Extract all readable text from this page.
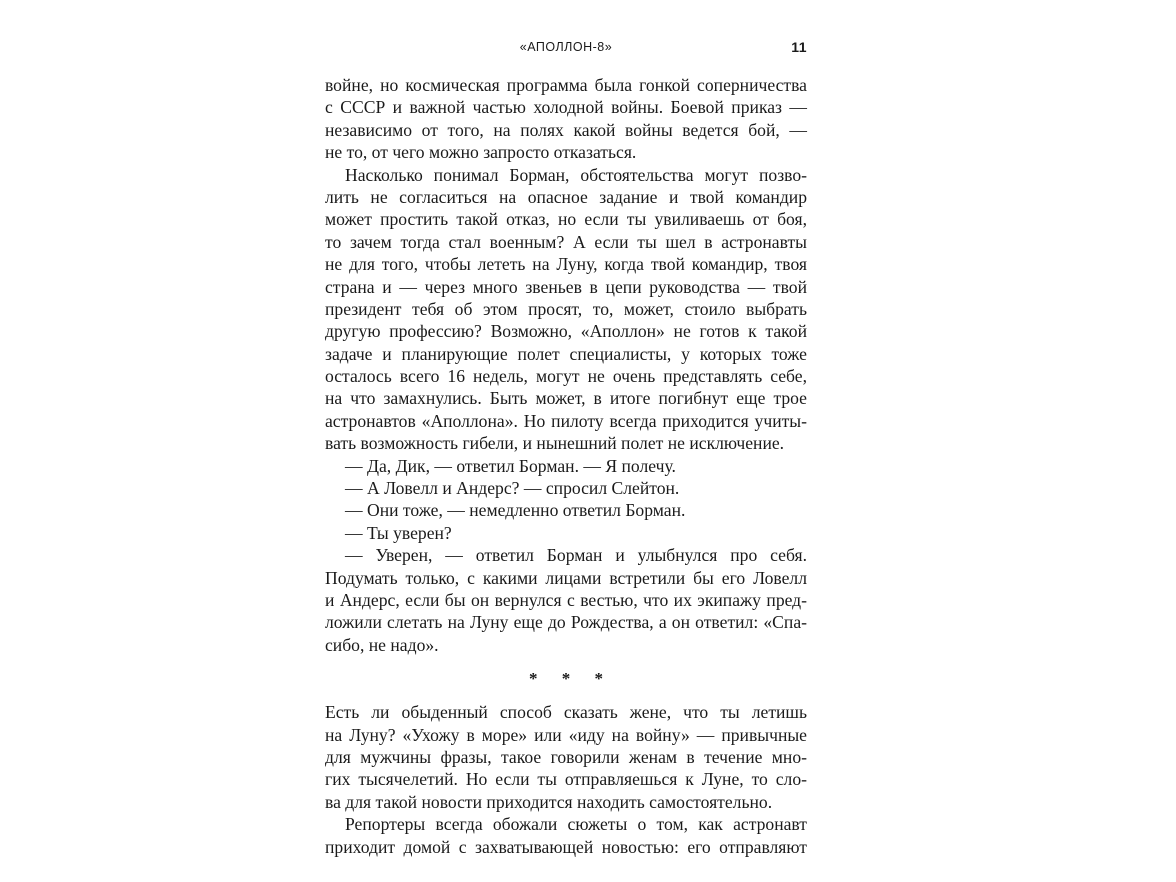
«АПОЛЛОН-8»	11
войне, но космическая программа была гонкой соперничества
с СССР и важной частью холодной войны. Боевой приказ —
независимо от того, на полях какой войны ведется бой, —
не то, от чего можно запросто отказаться.
Насколько понимал Борман, обстоятельства могут позво-
лить не согласиться на опасное задание и твой командир
может простить такой отказ, но если ты увиливаешь от боя,
то зачем тогда стал военным? А если ты шел в астронавты
не для того, чтобы лететь на Луну, когда твой командир, твоя
страна и — через много звеньев в цепи руководства — твой
президент тебя об этом просят, то, может, стоило выбрать
другую профессию? Возможно, «Аполлон» не готов к такой
задаче и планирующие полет специалисты, у которых тоже
осталось всего 16 недель, могут не очень представлять себе,
на что замахнулись. Быть может, в итоге погибнут еще трое
астронавтов «Аполлона». Но пилоту всегда приходится учиты-
вать возможность гибели, и нынешний полет не исключение.
— Да, Дик, — ответил Борман. — Я полечу.
— А Ловелл и Андерс? — спросил Слейтон.
— Они тоже, — немедленно ответил Борман.
— Ты уверен?
— Уверен, — ответил Борман и улыбнулся про себя.
Подумать только, с какими лицами встретили бы его Ловелл
и Андерс, если бы он вернулся с вестью, что их экипажу пред-
ложили слетать на Луну еще до Рождества, а он ответил: «Спа-
сибо, не надо».
* * *
Есть ли обыденный способ сказать жене, что ты летишь
на Луну? «Ухожу в море» или «иду на войну» — привычные
для мужчины фразы, такое говорили женам в течение мно-
гих тысячелетий. Но если ты отправляешься к Луне, то сло-
ва для такой новости приходится находить самостоятельно.
Репортеры всегда обожали сюжеты о том, как астронавт
приходит домой с захватывающей новостью: его отправляют
